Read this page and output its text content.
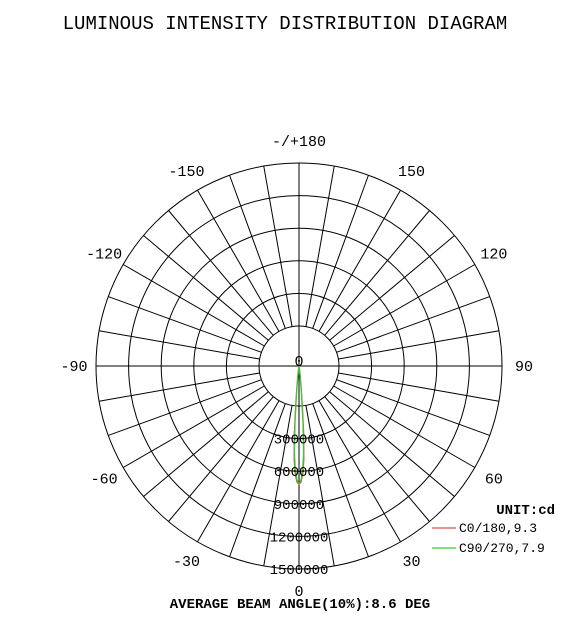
LUMINOUS INTENSITY DISTRIBUTION DIAGRAM
0
30
60
90
120
150
-/+180
-150
-120
-90
-60
-30
0
300000
600000
900000
1200000
1500000
C0/180,9.3
C90/270,7.9
UNIT:cd
AVERAGE BEAM ANGLE(10%):8.6 DEG
